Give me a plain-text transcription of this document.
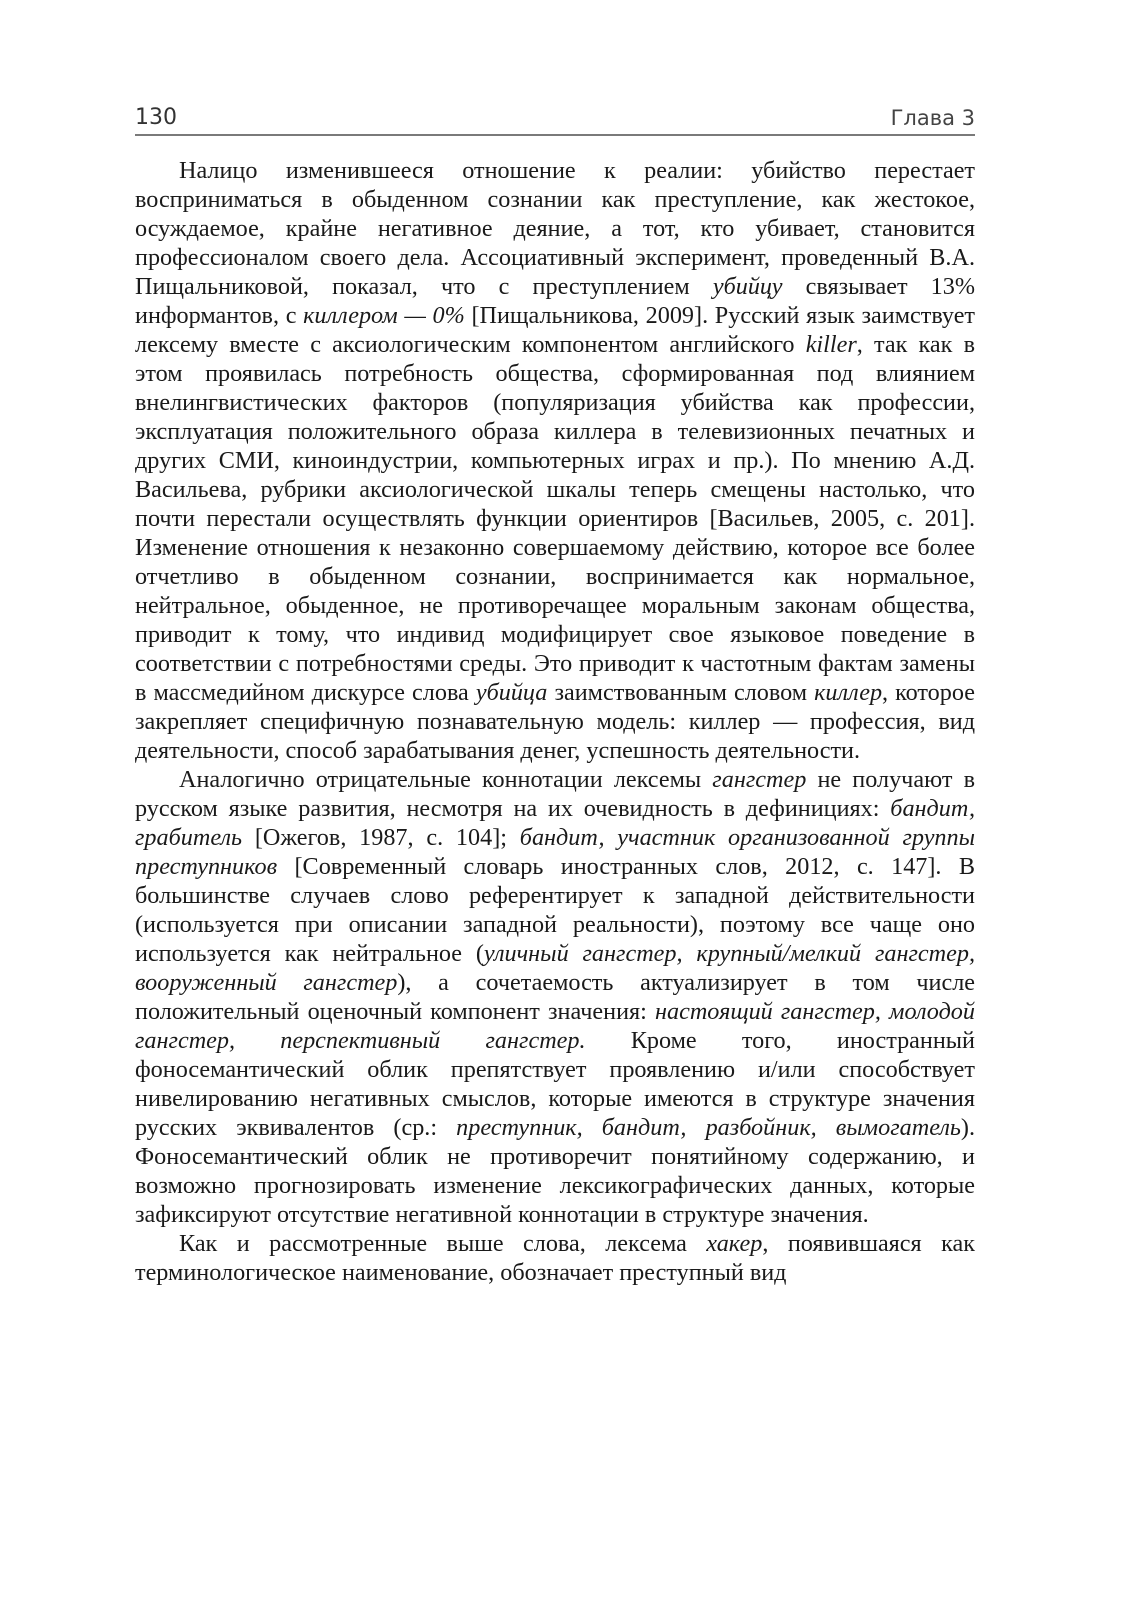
130	Глава 3

Налицо изменившееся отношение к реалии: убийство перестает восприниматься в обыденном сознании как преступление, как жестокое, осуждаемое, крайне негативное деяние, а тот, кто убивает, становится профессионалом своего дела. Ассоциативный эксперимент, проведенный В.А. Пищальниковой, показал, что с преступлением убийцу связывает 13% информантов, с киллером — 0% [Пищальникова, 2009]. Русский язык заимствует лексему вместе с аксиологическим компонентом английского killer, так как в этом проявилась потребность общества, сформированная под влиянием внелингвистических факторов (популяризация убийства как профессии, эксплуатация положительного образа киллера в телевизионных печатных и других СМИ, киноиндустрии, компьютерных играх и пр.). По мнению А.Д. Васильева, рубрики аксиологической шкалы теперь смещены настолько, что почти перестали осуществлять функции ориентиров [Васильев, 2005, с. 201]. Изменение отношения к незаконно совершаемому действию, которое все более отчетливо в обыденном сознании, воспринимается как нормальное, нейтральное, обыденное, не противоречащее моральным законам общества, приводит к тому, что индивид модифицирует свое языковое поведение в соответствии с потребностями среды. Это приводит к частотным фактам замены в массмедийном дискурсе слова убийца заимствованным словом киллер, которое закрепляет специфичную познавательную модель: киллер — профессия, вид деятельности, способ зарабатывания денег, успешность деятельности.

Аналогично отрицательные коннотации лексемы гангстер не получают в русском языке развития, несмотря на их очевидность в дефинициях: бандит, грабитель [Ожегов, 1987, с. 104]; бандит, участник организованной группы преступников [Современный словарь иностранных слов, 2012, с. 147]. В большинстве случаев слово референтирует к западной действительности (используется при описании западной реальности), поэтому все чаще оно используется как нейтральное (уличный гангстер, крупный/мелкий гангстер, вооруженный гангстер), а сочетаемость актуализирует в том числе положительный оценочный компонент значения: настоящий гангстер, молодой гангстер, перспективный гангстер. Кроме того, иностранный фоносемантический облик препятствует проявлению и/или способствует нивелированию негативных смыслов, которые имеются в структуре значения русских эквивалентов (ср.: преступник, бандит, разбойник, вымогатель). Фоносемантический облик не противоречит понятийному содержанию, и возможно прогнозировать изменение лексикографических данных, которые зафиксируют отсутствие негативной коннотации в структуре значения.

Как и рассмотренные выше слова, лексема хакер, появившаяся как терминологическое наименование, обозначает преступный вид
